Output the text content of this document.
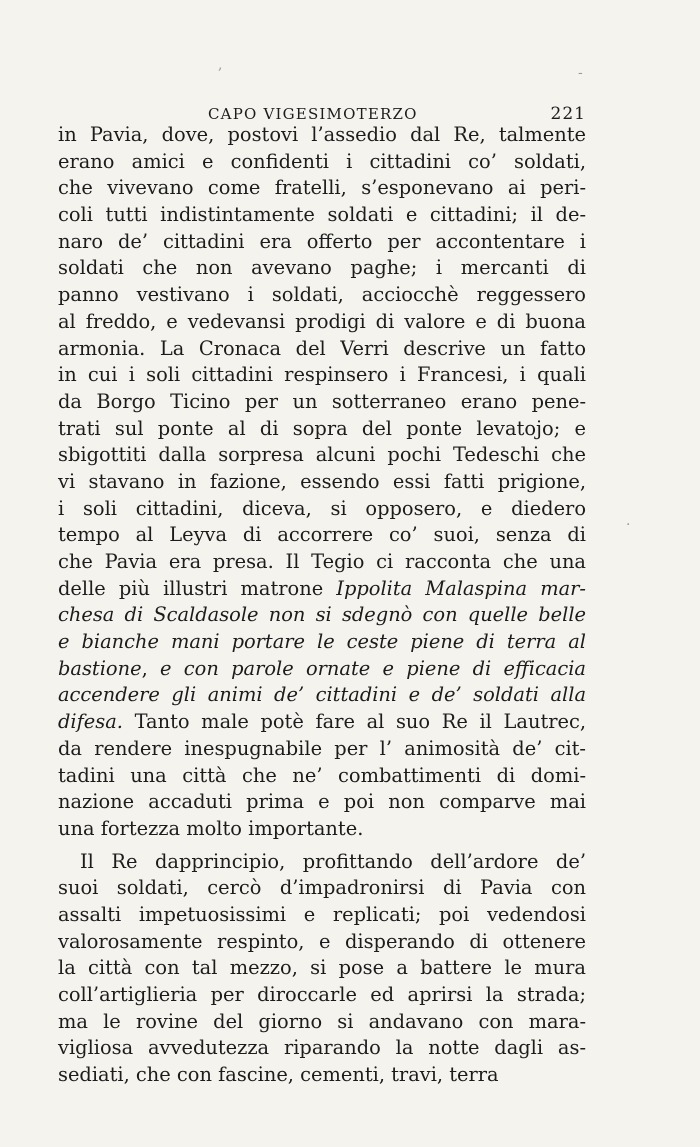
,	-
·
CAPO VIGESIMOTERZO	221
in Pavia, dove, postovi l’assedio dal Re, talmente
erano amici e confidenti i cittadini co’ soldati,
che vivevano come fratelli, s’esponevano ai peri-
coli tutti indistintamente soldati e cittadini; il de-
naro de’ cittadini era offerto per accontentare i
soldati che non avevano paghe; i mercanti di
panno vestivano i soldati, acciocchè reggessero
al freddo, e vedevansi prodigi di valore e di buona
armonia. La Cronaca del Verri descrive un fatto
in cui i soli cittadini respinsero i Francesi, i quali
da Borgo Ticino per un sotterraneo erano pene-
trati sul ponte al di sopra del ponte levatojo; e
sbigottiti dalla sorpresa alcuni pochi Tedeschi che
vi stavano in fazione, essendo essi fatti prigione,
i soli cittadini, diceva, si opposero, e diedero
tempo al Leyva di accorrere co’ suoi, senza di
che Pavia era presa. Il Tegio ci racconta che una
delle più illustri matrone Ippolita Malaspina mar-
chesa di Scaldasole non si sdegnò con quelle belle
e bianche mani portare le ceste piene di terra al
bastione, e con parole ornate e piene di efficacia
accendere gli animi de’ cittadini e de’ soldati alla
difesa. Tanto male potè fare al suo Re il Lautrec,
da rendere inespugnabile per l’ animosità de’ cit-
tadini una città che ne’ combattimenti di domi-
nazione accaduti prima e poi non comparve mai
una fortezza molto importante.
Il Re dapprincipio, profittando dell’ardore de’
suoi soldati, cercò d’impadronirsi di Pavia con
assalti impetuosissimi e replicati; poi vedendosi
valorosamente respinto, e disperando di ottenere
la città con tal mezzo, si pose a battere le mura
coll’artiglieria per diroccarle ed aprirsi la strada;
ma le rovine del giorno si andavano con mara-
vigliosa avvedutezza riparando la notte dagli as-
sediati, che con fascine, cementi, travi, terra
